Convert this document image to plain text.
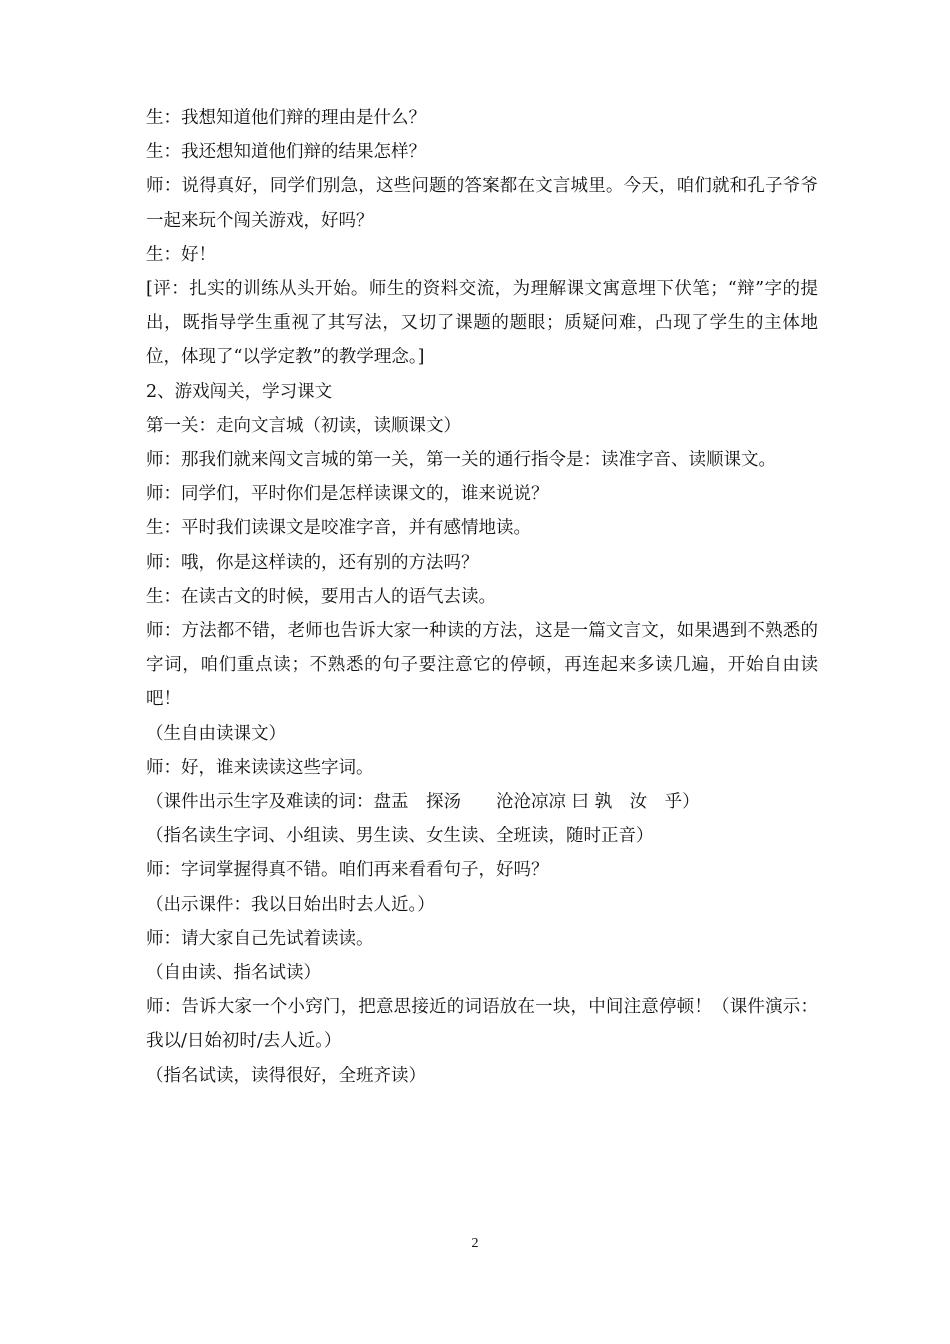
生：我想知道他们辩的理由是什么？

生：我还想知道他们辩的结果怎样？

师：说得真好，同学们别急，这些问题的答案都在文言城里。今天，咱们就和孔子爷爷一起来玩个闯关游戏，好吗？

生：好！

[评：扎实的训练从头开始。师生的资料交流，为理解课文寓意埋下伏笔；“辩”字的提出，既指导学生重视了其写法，又切了课题的题眼；质疑问难，凸现了学生的主体地位，体现了“以学定教”的教学理念。]

2、游戏闯关，学习课文

第一关：走向文言城（初读，读顺课文）

师：那我们就来闯文言城的第一关，第一关的通行指令是：读准字音、读顺课文。

师：同学们，平时你们是怎样读课文的，谁来说说？

生：平时我们读课文是咬准字音，并有感情地读。

师：哦，你是这样读的，还有别的方法吗？

生：在读古文的时候，要用古人的语气去读。

师：方法都不错，老师也告诉大家一种读的方法，这是一篇文言文，如果遇到不熟悉的字词，咱们重点读；不熟悉的句子要注意它的停顿，再连起来多读几遍，开始自由读吧！

（生自由读课文）

师：好，谁来读读这些字词。

（课件出示生字及难读的词：盘盂　探汤　　沧沧凉凉 曰 孰　汝　乎）

（指名读生字词、小组读、男生读、女生读、全班读，随时正音）

师：字词掌握得真不错。咱们再来看看句子，好吗？

（出示课件：我以日始出时去人近。）

师：请大家自己先试着读读。

（自由读、指名试读）

师：告诉大家一个小窍门，把意思接近的词语放在一块，中间注意停顿！（课件演示：我以/日始初时/去人近。）

（指名试读，读得很好，全班齐读）

2
